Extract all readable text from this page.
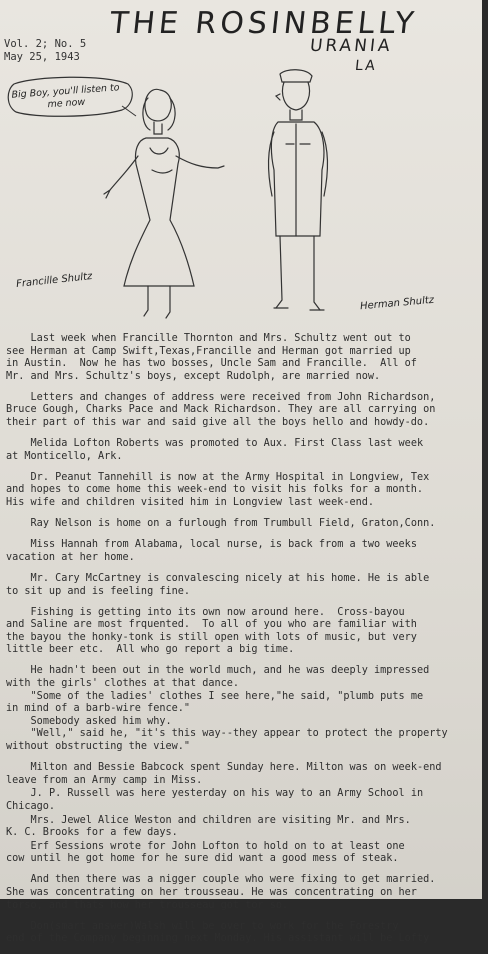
THE ROSINBELLY
URANIA
LA
Vol. 2; No. 5
May 25, 1943
Big Boy, you'll listen to me now
Francille Shultz
Herman Shultz

Last week when Francille Thornton and Mrs. Schultz went out to
see Herman at Camp Swift,Texas,Francille and Herman got married up
in Austin.  Now he has two bosses, Uncle Sam and Francille.  All of
Mr. and Mrs. Schultz's boys, except Rudolph, are married now.

Letters and changes of address were received from John Richardson,
Bruce Gough, Charks Pace and Mack Richardson. They are all carrying on
their part of this war and said give all the boys hello and howdy-do.

Melida Lofton Roberts was promoted to Aux. First Class last week
at Monticello, Ark.

Dr. Peanut Tannehill is now at the Army Hospital in Longview, Tex
and hopes to come home this week-end to visit his folks for a month.
His wife and children visited him in Longview last week-end.

Ray Nelson is home on a furlough from Trumbull Field, Graton,Conn.

Miss Hannah from Alabama, local nurse, is back from a two weeks
vacation at her home.

Mr. Cary McCartney is convalescing nicely at his home. He is able
to sit up and is feeling fine.

Fishing is getting into its own now around here.  Cross-bayou
and Saline are most frquented.  To all of you who are familiar with
the bayou the honky-tonk is still open with lots of music, but very
little beer etc.  All who go report a big time.

He hadn't been out in the world much, and he was deeply impressed
with the girls' clothes at that dance.
"Some of the ladies' clothes I see here,"he said, "plumb puts me
in mind of a barb-wire fence."
Somebody asked him why.
"Well," said he, "it's this way--they appear to protect the property
without obstructing the view."

Milton and Bessie Babcock spent Sunday here. Milton was on week-end
leave from an Army camp in Miss.

J. P. Russell was here yesterday on his way to an Army School in
Chicago.

Mrs. Jewel Alice Weston and children are visiting Mr. and Mrs.
K. C. Brooks for a few days.

Erf Sessions wrote for John Lofton to hold on to at least one
cow until he got home for he sure did want a good mess of steak.

And then there was a nigger couple who were fixing to get married.
She was concentrating on her trousseau. He was concentrating on her
torso, and thats how her trousseau got tor so.

Don(smart answer)Walsh will be over to work for the Forestry
end of the Company beginning next Monday. His assistant will be Lofty
